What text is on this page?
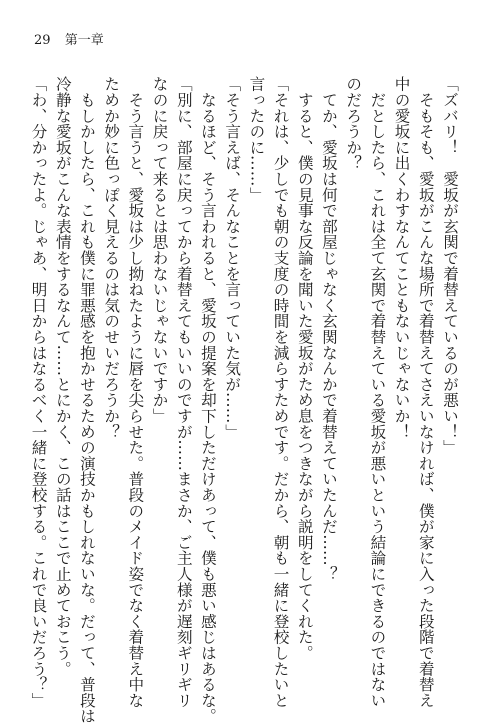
29 第一章
「ズバリ！　愛坂が玄関で着替えているのが悪い！」
　そもそも、愛坂がこんな場所で着替えてさえいなければ、僕が家に入った段階で着替え
中の愛坂に出くわすなんてこともないじゃないか！
　だとしたら、これは全て玄関で着替えている愛坂が悪いという結論にできるのではない
のだろうか？
　てか、愛坂は何で部屋じゃなく玄関なんかで着替えていたんだ……？
　すると、僕の見事な反論を聞いた愛坂がため息をつきながら説明をしてくれた。
「それは、少しでも朝の支度の時間を減らすためです。だから、朝も一緒に登校したいと
言ったのに……」
「そう言えば、そんなことを言っていた気が……」
　なるほど、そう言われると、愛坂の提案を却下しただけあって、僕も悪い感じはあるな。
「別に、部屋に戻ってから着替えてもいいのですが……まさか、ご主人様が遅刻ギリギリ
なのに戻って来るとは思わないじゃないですか」
　そう言うと、愛坂は少し拗ねたように唇を尖らせた。普段のメイド姿でなく着替え中な
ためか妙に色っぽく見えるのは気のせいだろうか？
　もしかしたら、これも僕に罪悪感を抱かせるための演技かもしれないな。だって、普段は
冷静な愛坂がこんな表情をするなんて……とにかく、この話はここで止めておこう。
「わ、分かったよ。じゃあ、明日からはなるべく一緒に登校する。これで良いだろう？」
